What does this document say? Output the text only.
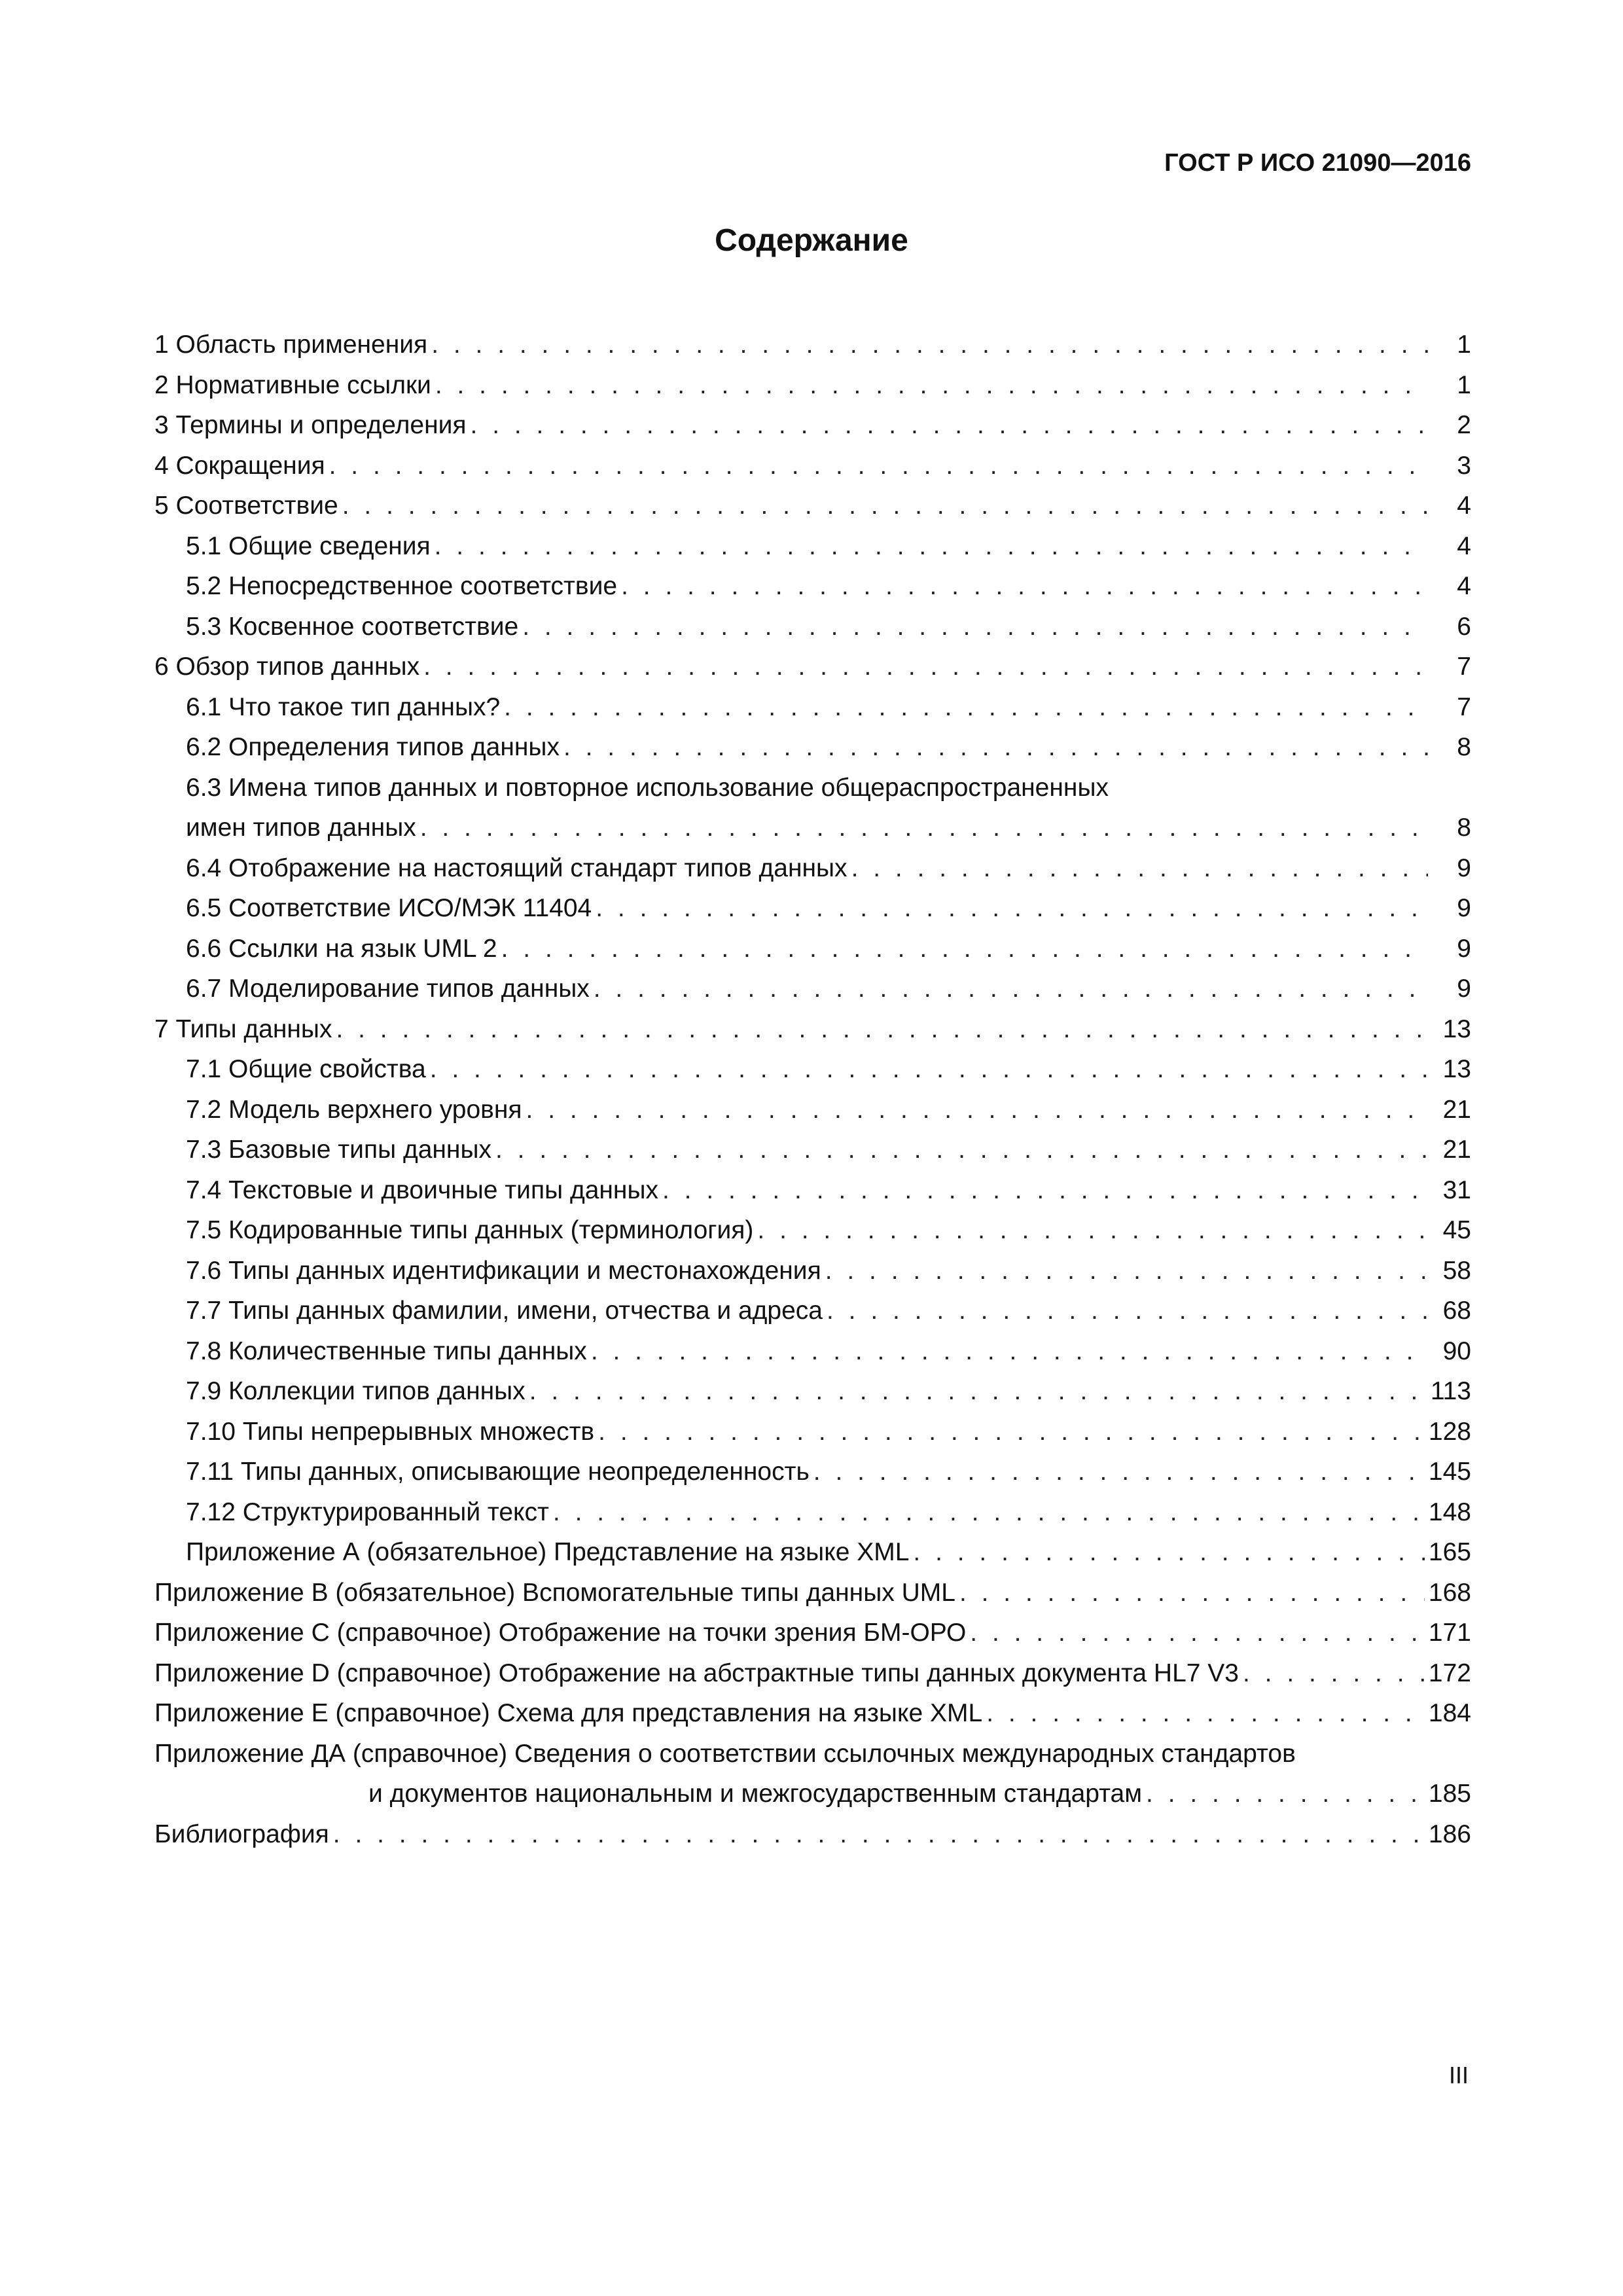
ГОСТ Р ИСО 21090—2016
Содержание
1 Область применения . . .	1
2 Нормативные ссылки . . .	1
3 Термины и определения . . .	2
4 Сокращения . . .	3
5 Соответствие . . .	4
5.1 Общие сведения . . .	4
5.2 Непосредственное соответствие . . .	4
5.3 Косвенное соответствие . . .	6
6 Обзор типов данных . . .	7
6.1 Что такое тип данных? . . .	7
6.2 Определения типов данных . . .	8
6.3 Имена типов данных и повторное использование общераспространенных
имен типов данных . . .	8
6.4 Отображение на настоящий стандарт типов данных . . .	9
6.5 Соответствие ИСО/МЭК 11404 . . .	9
6.6 Ссылки на язык UML 2 . . .	9
6.7 Моделирование типов данных . . .	9
7 Типы данных . . .	13
7.1 Общие свойства . . .	13
7.2 Модель верхнего уровня . . .	21
7.3 Базовые типы данных . . .	21
7.4 Текстовые и двоичные типы данных . . .	31
7.5 Кодированные типы данных (терминология) . . .	45
7.6 Типы данных идентификации и местонахождения . . .	58
7.7 Типы данных фамилии, имени, отчества и адреса . . .	68
7.8 Количественные типы данных . . .	90
7.9 Коллекции типов данных . . .	113
7.10 Типы непрерывных множеств . . .	128
7.11 Типы данных, описывающие неопределенность . . .	145
7.12 Структурированный текст . . .	148
Приложение А (обязательное) Представление на языке XML . . .	165
Приложение В (обязательное) Вспомогательные типы данных UML . . .	168
Приложение С (справочное) Отображение на точки зрения БМ-ОРО . . .	171
Приложение D (справочное) Отображение на абстрактные типы данных документа HL7 V3 . . .	172
Приложение E (справочное) Схема для представления на языке XML . . .	184
Приложение ДА (справочное) Сведения о соответствии ссылочных международных стандартов
и документов национальным и межгосударственным стандартам . . .	185
Библиография . . .	186
III
